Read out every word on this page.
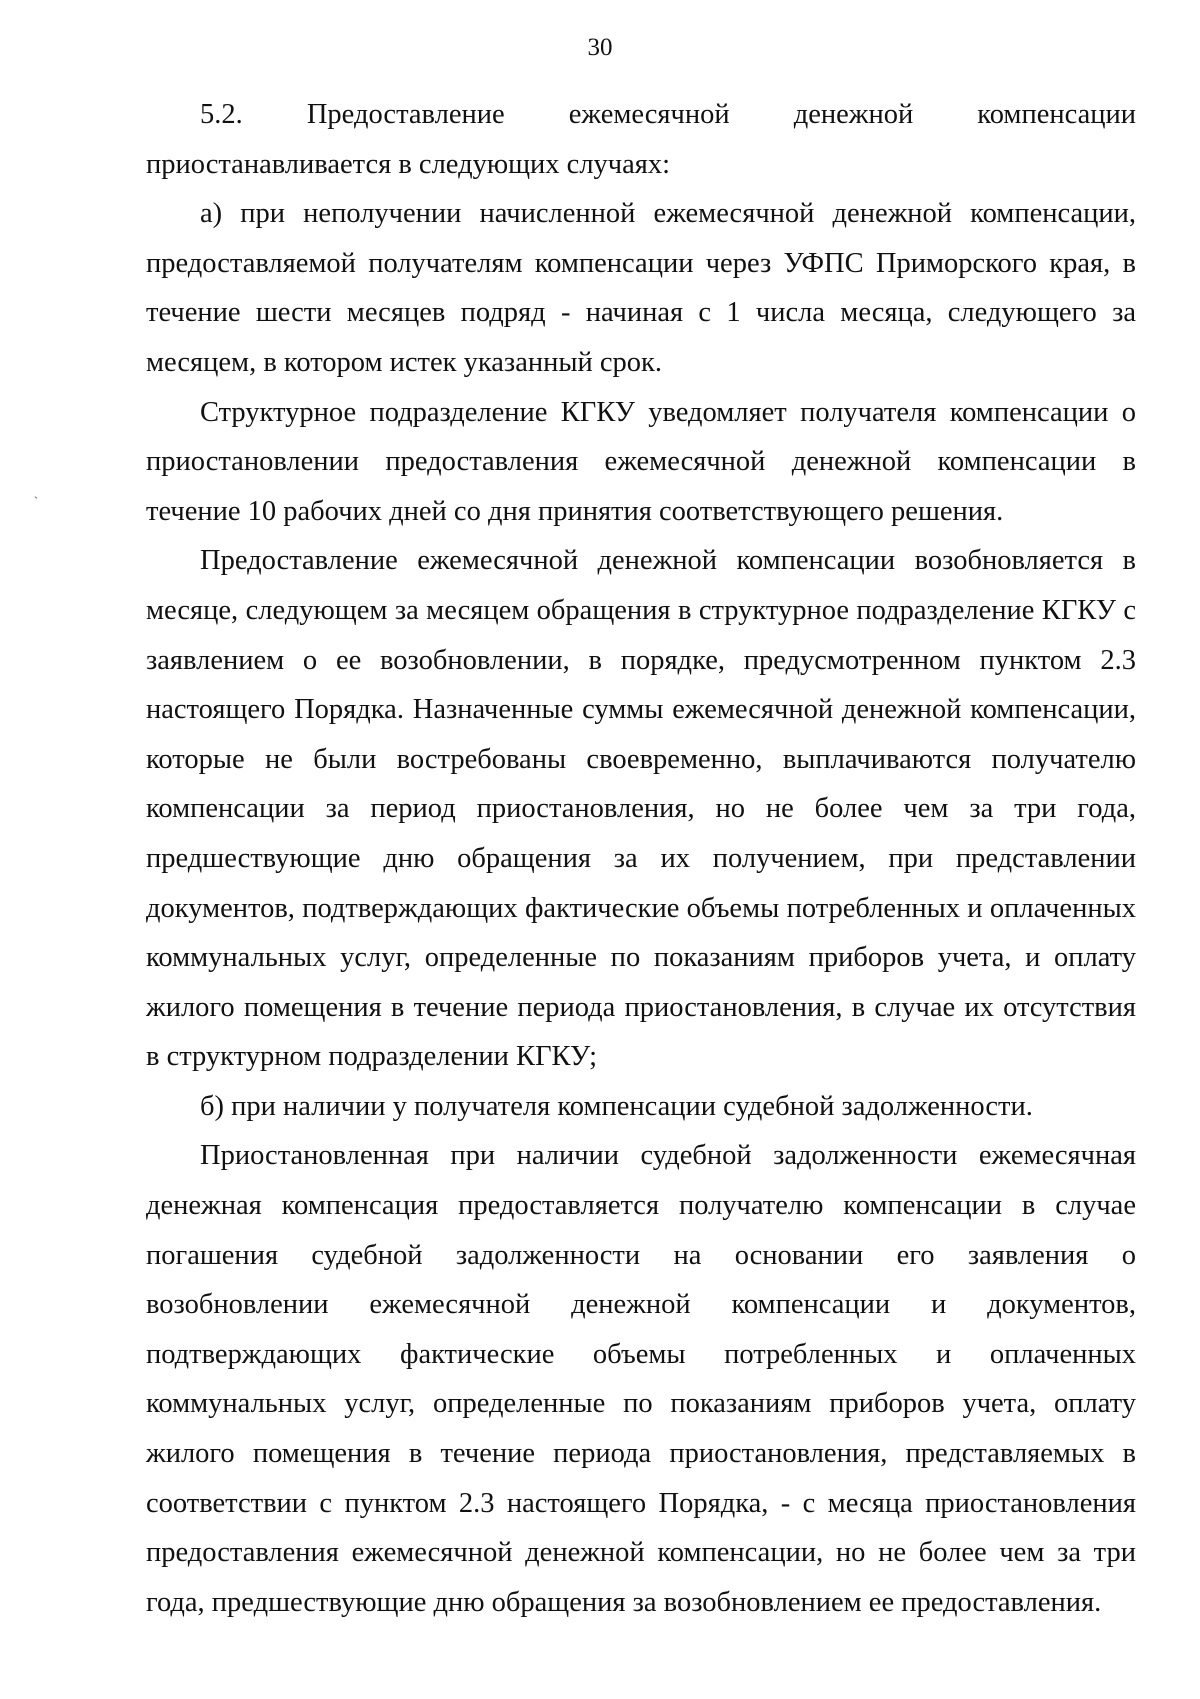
30
ˎ

5.2. Предоставление ежемесячной денежной компенсации приостанавливается в следующих случаях:

а) при неполучении начисленной ежемесячной денежной компенсации, предоставляемой получателям компенсации через УФПС Приморского края, в течение шести месяцев подряд - начиная с 1 числа месяца, следующего за месяцем, в котором истек указанный срок.

Структурное подразделение КГКУ уведомляет получателя компенсации о приостановлении предоставления ежемесячной денежной компенсации в течение 10 рабочих дней со дня принятия соответствующего решения.

Предоставление ежемесячной денежной компенсации возобновляется в месяце, следующем за месяцем обращения в структурное подразделение КГКУ с заявлением о ее возобновлении, в порядке, предусмотренном пунктом 2.3 настоящего Порядка. Назначенные суммы ежемесячной денежной компенсации, которые не были востребованы своевременно, выплачиваются получателю компенсации за период приостановления, но не более чем за три года, предшествующие дню обращения за их получением, при представлении документов, подтверждающих фактические объемы потребленных и оплаченных коммунальных услуг, определенные по показаниям приборов учета, и оплату жилого помещения в течение периода приостановления, в случае их отсутствия в структурном подразделении КГКУ;

б) при наличии у получателя компенсации судебной задолженности.

Приостановленная при наличии судебной задолженности ежемесячная денежная компенсация предоставляется получателю компенсации в случае погашения судебной задолженности на основании его заявления о возобновлении ежемесячной денежной компенсации и документов, подтверждающих фактические объемы потребленных и оплаченных коммунальных услуг, определенные по показаниям приборов учета, оплату жилого помещения в течение периода приостановления, представляемых в соответствии с пунктом 2.3 настоящего Порядка, - с месяца приостановления предоставления ежемесячной денежной компенсации, но не более чем за три года, предшествующие дню обращения за возобновлением ее предоставления.
